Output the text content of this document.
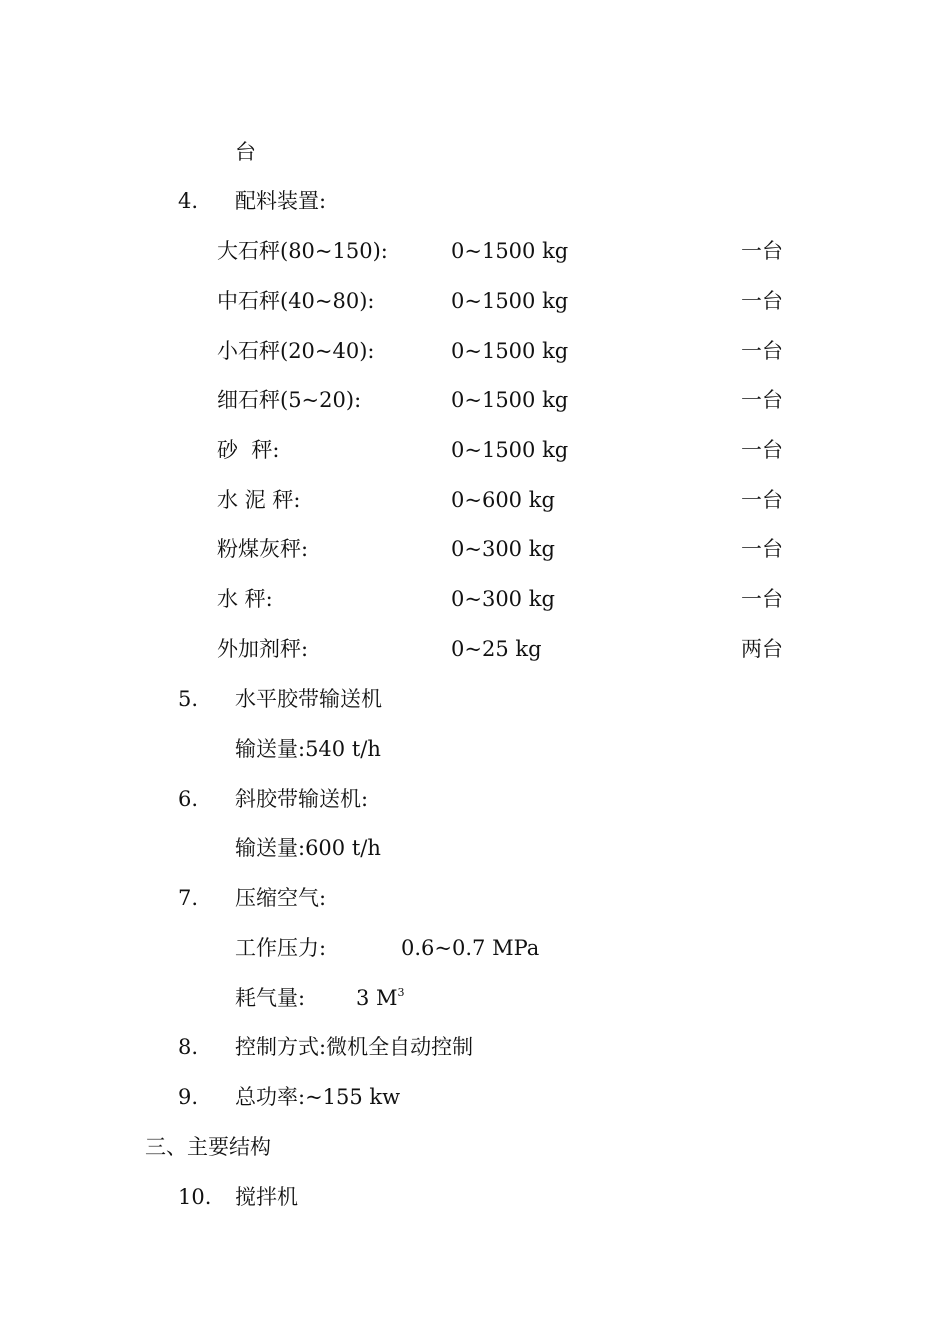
台
4. 配料装置:
大石秤(80~150):	0~1500 kg	一台
中石秤(40~80):	0~1500 kg	一台
小石秤(20~40):	0~1500 kg	一台
细石秤(5~20):	0~1500 kg	一台
砂  秤:	0~1500 kg	一台
水 泥 秤:	0~600 kg	一台
粉煤灰秤:	0~300 kg	一台
水 秤:	0~300 kg	一台
外加剂秤:	0~25 kg	两台
5. 水平胶带输送机
输送量:540 t/h
6. 斜胶带输送机:
输送量:600 t/h
7. 压缩空气:
工作压力:	0.6~0.7 MPa
耗气量: 3 $M^3$
8. 控制方式:微机全自动控制
9. 总功率:~155 kw
三、主要结构
10. 搅拌机
